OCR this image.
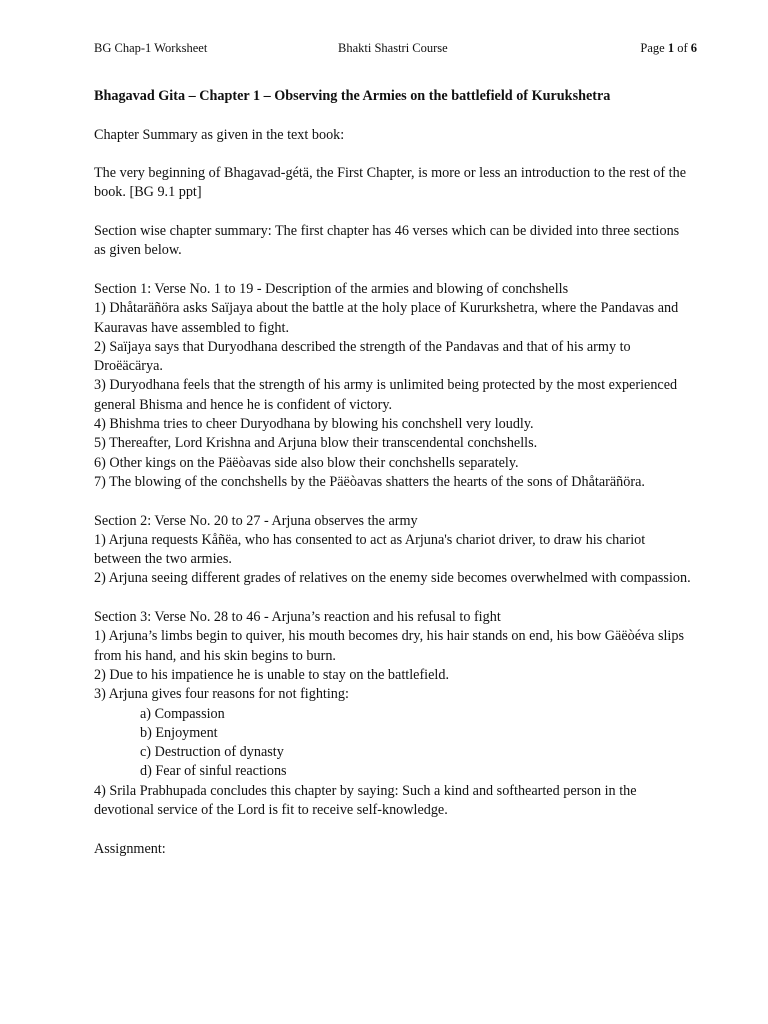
BG Chap-1 Worksheet	Bhakti Shastri Course	Page 1 of 6

Bhagavad Gita – Chapter 1 – Observing the Armies on the battlefield of Kurukshetra

Chapter Summary as given in the text book:

The very beginning of Bhagavad-gétä, the First Chapter, is more or less an introduction to the rest of the book. [BG 9.1 ppt]

Section wise chapter summary: The first chapter has 46 verses which can be divided into three sections as given below.

Section 1: Verse No. 1 to 19 - Description of the armies and blowing of conchshells

1) Dhåtaräñöra asks Saïjaya about the battle at the holy place of Kururkshetra, where the Pandavas and Kauravas have assembled to fight.

2) Saïjaya says that Duryodhana described the strength of the Pandavas and that of his army to Droëäcärya.

3) Duryodhana feels that the strength of his army is unlimited being protected by the most experienced general Bhisma and hence he is confident of victory.

4) Bhishma tries to cheer Duryodhana by blowing his conchshell very loudly.

5) Thereafter, Lord Krishna and Arjuna blow their transcendental conchshells.

6) Other kings on the Päëòavas side also blow their conchshells separately.

7) The blowing of the conchshells by the Päëòavas shatters the hearts of the sons of Dhåtaräñöra.

Section 2: Verse No. 20 to 27 - Arjuna observes the army

1) Arjuna requests Kåñëa, who has consented to act as Arjuna's chariot driver, to draw his chariot between the two armies.

2) Arjuna seeing different grades of relatives on the enemy side becomes overwhelmed with compassion.

Section 3: Verse No. 28 to 46 - Arjuna’s reaction and his refusal to fight

1) Arjuna’s limbs begin to quiver, his mouth becomes dry, his hair stands on end, his bow Gäëòéva slips from his hand, and his skin begins to burn.

2) Due to his impatience he is unable to stay on the battlefield.

3) Arjuna gives four reasons for not fighting:

a) Compassion

b) Enjoyment

c) Destruction of dynasty

d) Fear of sinful reactions

4) Srila Prabhupada concludes this chapter by saying: Such a kind and softhearted person in the devotional service of the Lord is fit to receive self-knowledge.

Assignment:
